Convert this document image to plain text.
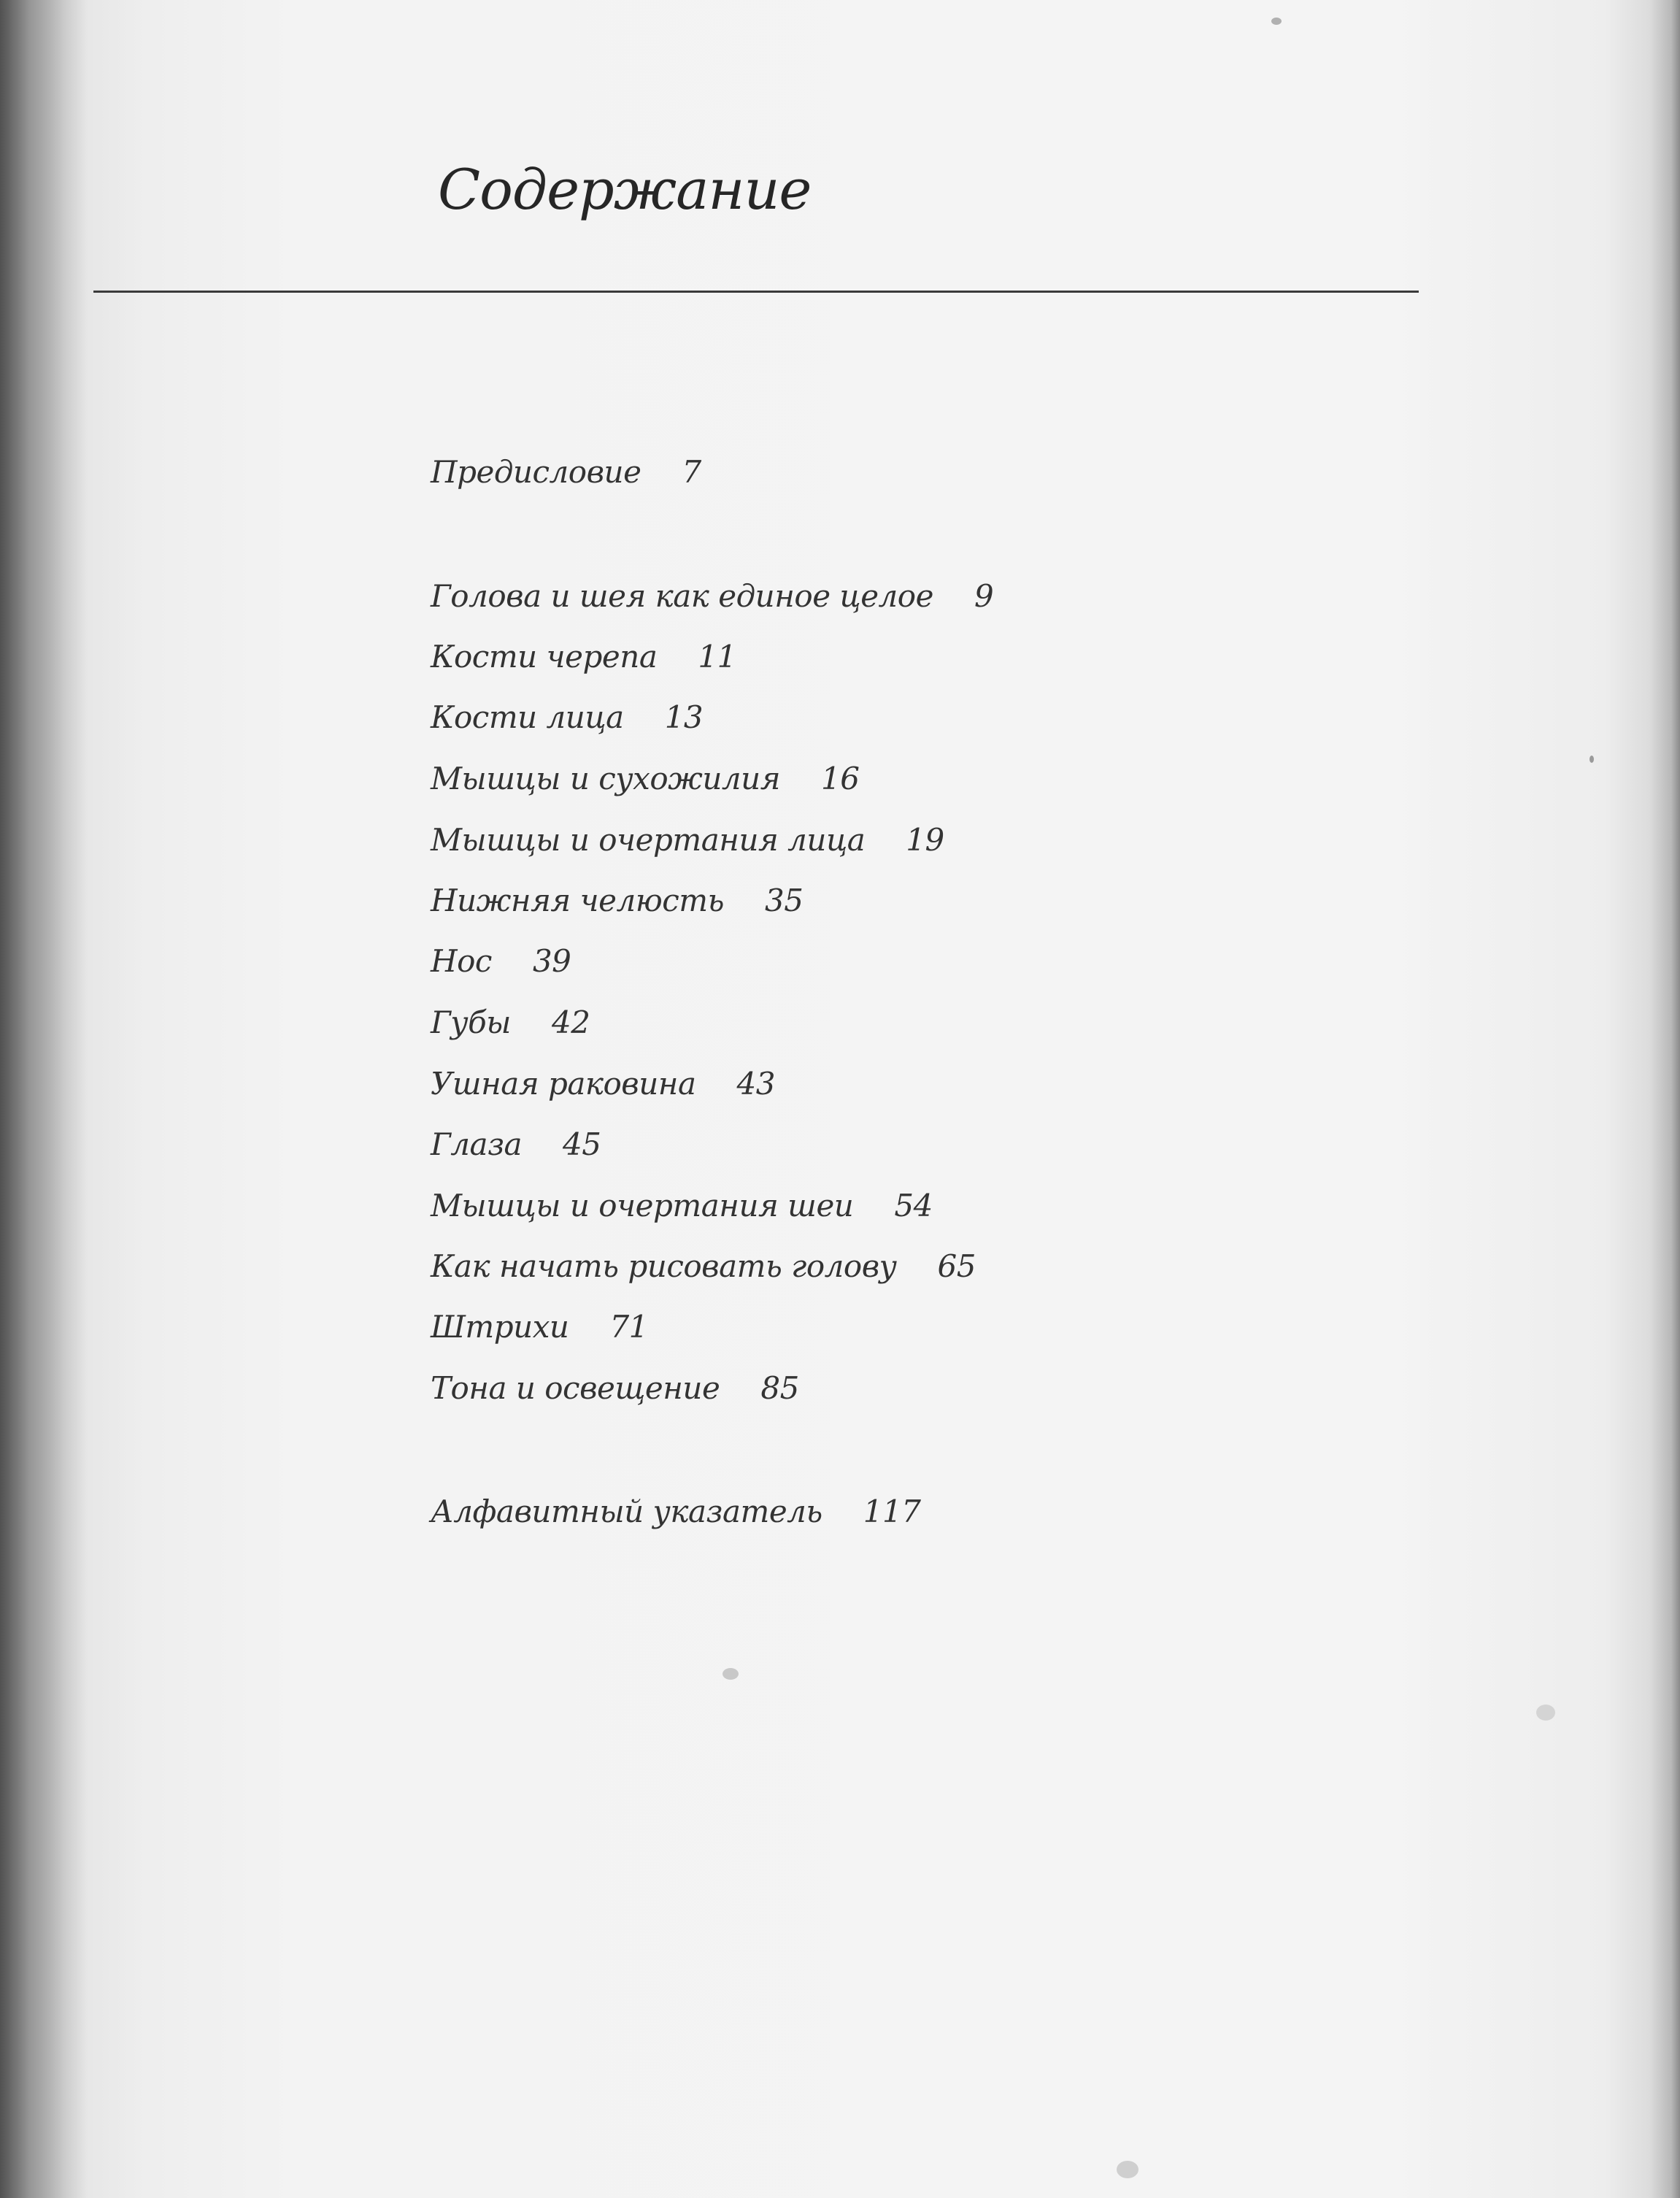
Содержание
Предисловие 7
Голова и шея как единое целое 9
Кости черепа 11
Кости лица 13
Мышцы и сухожилия 16
Мышцы и очертания лица 19
Нижняя челюсть 35
Нос 39
Губы 42
Ушная раковина 43
Глаза 45
Мышцы и очертания шеи 54
Как начать рисовать голову 65
Штрихи 71
Тона и освещение 85
Алфавитный указатель 117
